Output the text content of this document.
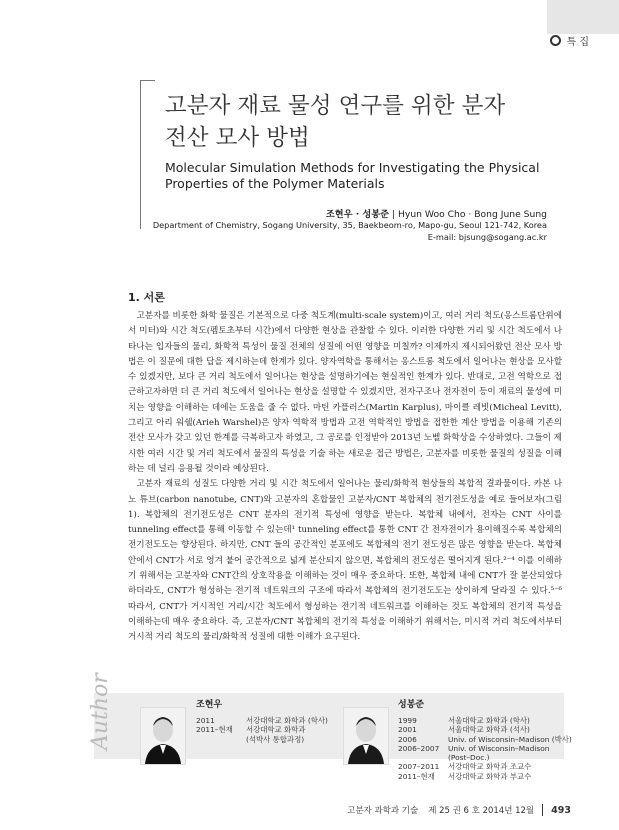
특 집
고분자 재료 물성 연구를 위한 분자
전산 모사 방법
Molecular Simulation Methods for Investigating the Physical
Properties of the Polymer Materials
조현우 · 성봉준 | Hyun Woo Cho · Bong June Sung
Department of Chemistry, Sogang University, 35, Baekbeom-ro, Mapo-gu, Seoul 121-742, Korea
E-mail: bjsung@sogang.ac.kr
1. 서론

고분자를 비롯한 화학 물질은 기본적으로 다중 척도계(multi-scale system)이고, 여러 거리 척도(옹스트롬단위에서 미터)와 시간 척도(펨토초부터 시간)에서 다양한 현상을 관찰할 수 있다. 이러한 다양한 거리 및 시간 척도에서 나타나는 입자들의 물리, 화학적 특성이 물질 전체의 성질에 어떤 영향을 미칠까? 이제까지 제시되어왔던 전산 모사 방법은 이 질문에 대한 답을 제시하는데 한계가 있다. 양자역학을 통해서는 옹스트롱 척도에서 일어나는 현상을 모사할 수 있겠지만, 보다 큰 거리 척도에서 일어나는 현상을 설명하기에는 현실적인 한계가 있다. 반대로, 고전 역학으로 접근하고자하면 더 큰 거리 척도에서 일어나는 현상을 설명할 수 있겠지만, 전자구조나 전자전이 등이 재료의 물성에 미치는 영향을 이해하는 데에는 도움을 줄 수 없다. 마틴 카플러스(Martin Karplus), 마이클 레빗(Micheal Levitt), 그리고 아리 워쉘(Arieh Warshel)은 양자 역학적 방법과 고전 역학적인 방법을 접한한 계산 방법을 이용해 기존의 전산 모사가 갖고 있던 한계를 극복하고자 하였고, 그 공로를 인정받아 2013년 노벨 화학상을 수상하였다. 그들이 제시한 여러 시간 및 거리 척도에서 물질의 특성을 기술 하는 새로운 접근 방법은, 고분자를 비롯한 물질의 성질을 이해하는 데 널리 응용될 것이라 예상된다.

고분자 재료의 성질도 다양한 거리 및 시간 척도에서 일어나는 물리/화학적 현상들의 복합적 결과물이다. 카본 나노 튜브(carbon nanotube, CNT)와 고분자의 혼합물인 고분자/CNT 복합체의 전기전도성을 예로 들어보자(그림 1). 복합체의 전기전도성은 CNT 분자의 전기적 특성에 영향을 받는다. 복합체 내에서, 전자는 CNT 사이를 tunneling effect를 통해 이동할 수 있는데¹ tunneling effect를 통한 CNT 간 전자전이가 용이해질수록 복합체의 전기전도도는 향상된다. 하지만, CNT 들의 공간적인 분포에도 복합체의 전기 전도성은 많은 영향을 받는다. 복합체 안에서 CNT가 서로 엉겨 붙어 공간적으로 넓게 분산되지 않으면, 복합체의 전도성은 떨어지게 된다.²⁻⁴ 이를 이해하기 위해서는 고분자와 CNT간의 상호작용을 이해하는 것이 매우 중요하다. 또한, 복합체 내에 CNT가 잘 분산되었다 하더라도, CNT가 형성하는 전기적 네트워크의 구조에 따라서 복합체의 전기전도도는 상이하게 달라질 수 있다.⁵⁻⁶ 따라서, CNT가 거시적인 거리/시간 척도에서 형성하는 전기적 네트워크를 이해하는 것도 복합체의 전기적 특성을 이해하는데 매우 중요하다. 즉, 고분자/CNT 복합체의 전기적 특성을 이해하기 위해서는, 미시적 거리 척도에서부터 거시적 거리 척도의 물리/화학적 성질에 대한 이해가 요구된다.

Author	조현우
2011	서강대학교 화학과 (학사)
2011–현재 서강대학교 화학과
(석박사 통합과정)
성봉준
1999	서울대학교 화학과 (학사)
2001	서울대학교 화학과 (석사)
2006	Univ. of Wisconsin–Madison (박사)
2006–2007 Univ. of Wisconsin–Madison
(Post–Doc.)
2007–2011 서강대학교 화학과 조교수
2011–현재 서강대학교 화학과 부교수
고분자 과학과 기술 제 25 권 6 호 2014년 12월 493
